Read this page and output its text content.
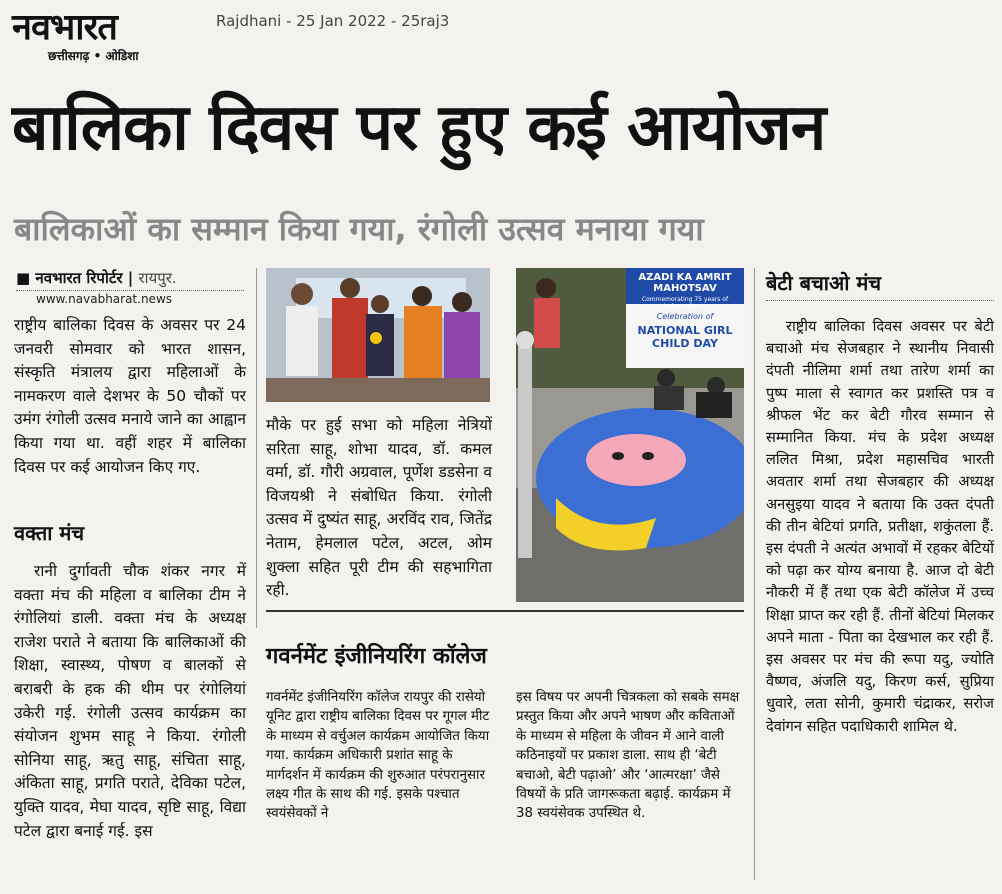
नवभारत
छत्तीसगढ़ • ओडिशा
Rajdhani - 25 Jan 2022 - 25raj3
बालिका दिवस पर हुए कई आयोजन
बालिकाओं का सम्मान किया गया, रंगोली उत्सव मनाया गया
■ नवभारत रिपोर्टर | रायपुर.
www.navabharat.news

राष्ट्रीय बालिका दिवस के अवसर पर 24 जनवरी सोमवार को भारत शासन, संस्कृति मंत्रालय द्वारा महिलाओं के नामकरण वाले देशभर के 50 चौकों पर उमंग रंगोली उत्सव मनाये जाने का आह्वान किया गया था. वहीं शहर में बालिका दिवस पर कई आयोजन किए गए.

वक्ता मंच

रानी दुर्गावती चौक शंकर नगर में वक्ता मंच की महिला व बालिका टीम ने रंगोलियां डाली. वक्ता मंच के अध्यक्ष राजेश पराते ने बताया कि बालिकाओं की शिक्षा, स्वास्थ्य, पोषण व बालकों से बराबरी के हक की थीम पर रंगोलियां उकेरी गई. रंगोली उत्सव कार्यक्रम का संयोजन शुभम साहू ने किया. रंगोली सोनिया साहू, ऋतु साहू, संचिता साहू, अंकिता साहू, प्रगति पराते, देविका पटेल, युक्ति यादव, मेघा यादव, सृष्टि साहू, विद्या पटेल द्वारा बनाई गई. इस

मौके पर हुई सभा को महिला नेत्रियों सरिता साहू, शोभा यादव, डॉ. कमल वर्मा, डॉ. गौरी अग्रवाल, पूर्णेश डडसेना व विजयश्री ने संबोधित किया. रंगोली उत्सव में दुष्यंत साहू, अरविंद राव, जितेंद्र नेताम, हेमलाल पटेल, अटल, ओम शुक्ला सहित पूरी टीम की सहभागिता रही.

AZADI KA AMRIT MAHOTSAV
Commemorating 75 years of Independence
Celebration of
NATIONAL GIRL CHILD DAY
गवर्नमेंट इंजीनियरिंग कॉलेज

गवर्नमेंट इंजीनियरिंग कॉलेज रायपुर की रासेयो यूनिट द्वारा राष्ट्रीय बालिका दिवस पर गूगल मीट के माध्यम से वर्चुअल कार्यक्रम आयोजित किया गया. कार्यक्रम अधिकारी प्रशांत साहू के मार्गदर्शन में कार्यक्रम की शुरुआत परंपरानुसार लक्ष्य गीत के साथ की गई. इसके पश्चात स्वयंसेवकों ने

इस विषय पर अपनी चित्रकला को सबके समक्ष प्रस्तुत किया और अपने भाषण और कविताओं के माध्यम से महिला के जीवन में आने वाली कठिनाइयों पर प्रकाश डाला. साथ ही ‘बेटी बचाओ, बेटी पढ़ाओ’ और ‘आत्मरक्षा’ जैसे विषयों के प्रति जागरूकता बढ़ाई. कार्यक्रम में 38 स्वयंसेवक उपस्थित थे.

बेटी बचाओ मंच

राष्ट्रीय बालिका दिवस अवसर पर बेटी बचाओ मंच सेजबहार ने स्थानीय निवासी दंपती नीलिमा शर्मा तथा तारेण शर्मा का पुष्प माला से स्वागत कर प्रशस्ति पत्र व श्रीफल भेंट कर बेटी गौरव सम्मान से सम्मानित किया. मंच के प्रदेश अध्यक्ष ललित मिश्रा, प्रदेश महासचिव भारती अवतार शर्मा तथा सेजबहार की अध्यक्ष अनसुइया यादव ने बताया कि उक्त दंपती की तीन बेटियां प्रगति, प्रतीक्षा, शकुंतला हैं. इस दंपती ने अत्यंत अभावों में रहकर बेटियों को पढ़ा कर योग्य बनाया है. आज दो बेटी नौकरी में हैं तथा एक बेटी कॉलेज में उच्च शिक्षा प्राप्त कर रही हैं. तीनों बेटियां मिलकर अपने माता - पिता का देखभाल कर रही हैं. इस अवसर पर मंच की रूपा यदु, ज्योति वैष्णव, अंजलि यदु, किरण कर्स, सुप्रिया धुवारे, लता सोनी, कुमारी चंद्राकर, सरोज देवांगन सहित पदाधिकारी शामिल थे.
